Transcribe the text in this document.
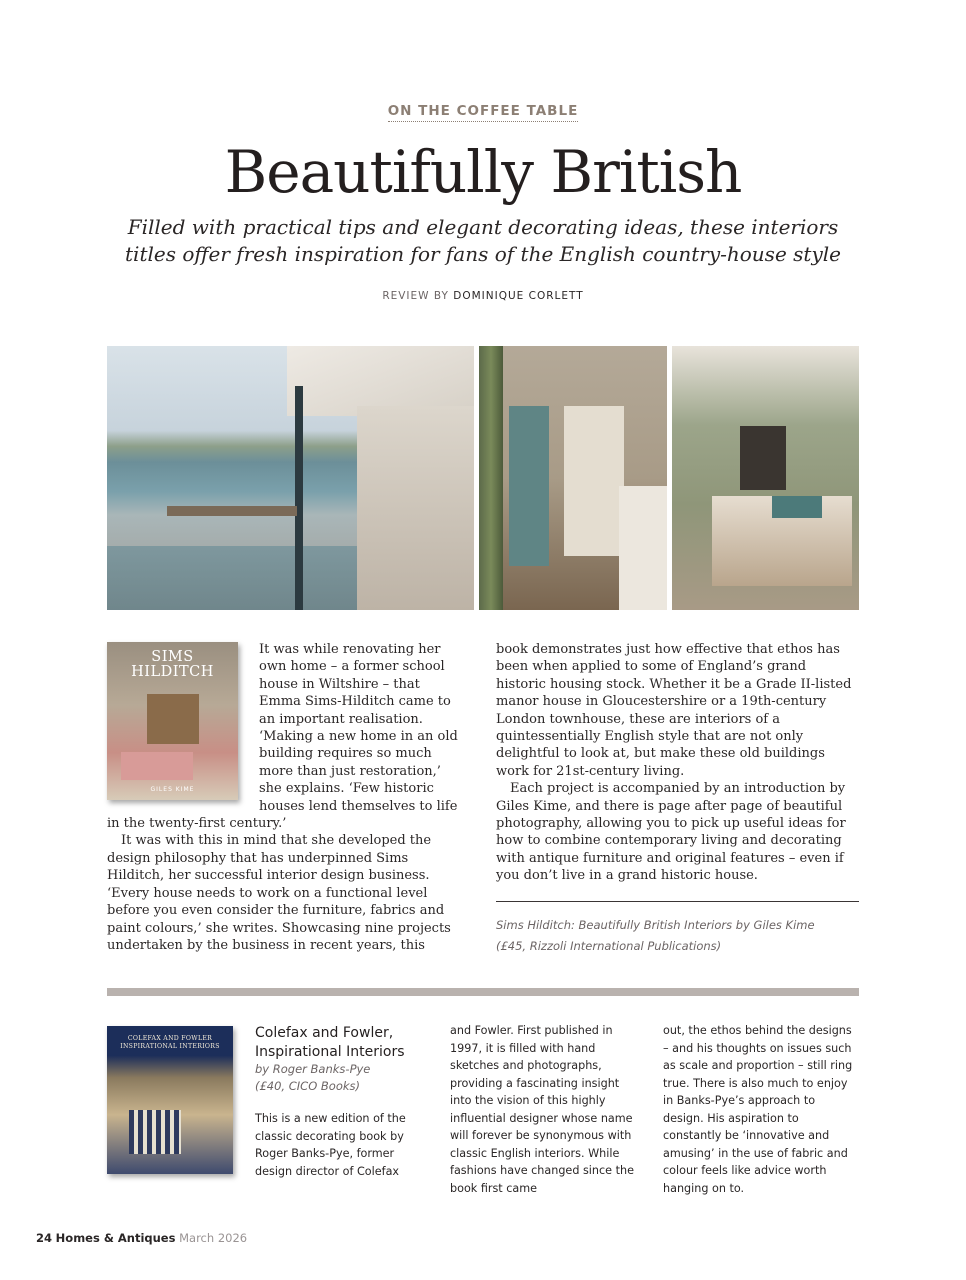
ON THE COFFEE TABLE
Beautifully British
Filled with practical tips and elegant decorating ideas, these interiors titles offer fresh inspiration for fans of the English country-house style
REVIEW BY DOMINIQUE CORLETT

It was while renovating her own home – a former school house in Wiltshire – that Emma Sims-Hilditch came to an important realisation. ‘Making a new home in an old building requires so much more than just restoration,’ she explains. ‘Few historic houses lend themselves to life in the twenty-first century.’

It was with this in mind that she developed the design philosophy that has underpinned Sims Hilditch, her successful interior design business. ‘Every house needs to work on a functional level before you even consider the furniture, fabrics and paint colours,’ she writes. Showcasing nine projects undertaken by the business in recent years, this

SIMS
HILDITCH
GILES KIME

book demonstrates just how effective that ethos has been when applied to some of England’s grand historic housing stock. Whether it be a Grade II-listed manor house in Gloucestershire or a 19th-century London townhouse, these are interiors of a quintessentially English style that are not only delightful to look at, but make these old buildings work for 21st-century living.

Each project is accompanied by an introduction by Giles Kime, and there is page after page of beautiful photography, allowing you to pick up useful ideas for how to combine contemporary living and decorating with antique furniture and original features – even if you don’t live in a grand historic house.

Sims Hilditch: Beautifully British Interiors by Giles Kime
(£45, Rizzoli International Publications)
COLEFAX AND FOWLER
INSPIRATIONAL INTERIORS
Colefax and Fowler, Inspirational Interiors
by Roger Banks-Pye
(£40, CICO Books)
This is a new edition of the classic decorating book by Roger Banks-Pye, former design director of Colefax
and Fowler. First published in 1997, it is filled with hand sketches and photographs, providing a fascinating insight into the vision of this highly influential designer whose name will forever be synonymous with classic English interiors. While fashions have changed since the book first came
out, the ethos behind the designs – and his thoughts on issues such as scale and proportion – still ring true. There is also much to enjoy in Banks-Pye’s approach to design. His aspiration to constantly be ‘innovative and amusing’ in the use of fabric and colour feels like advice worth hanging on to.
24 Homes & Antiques March 2026
